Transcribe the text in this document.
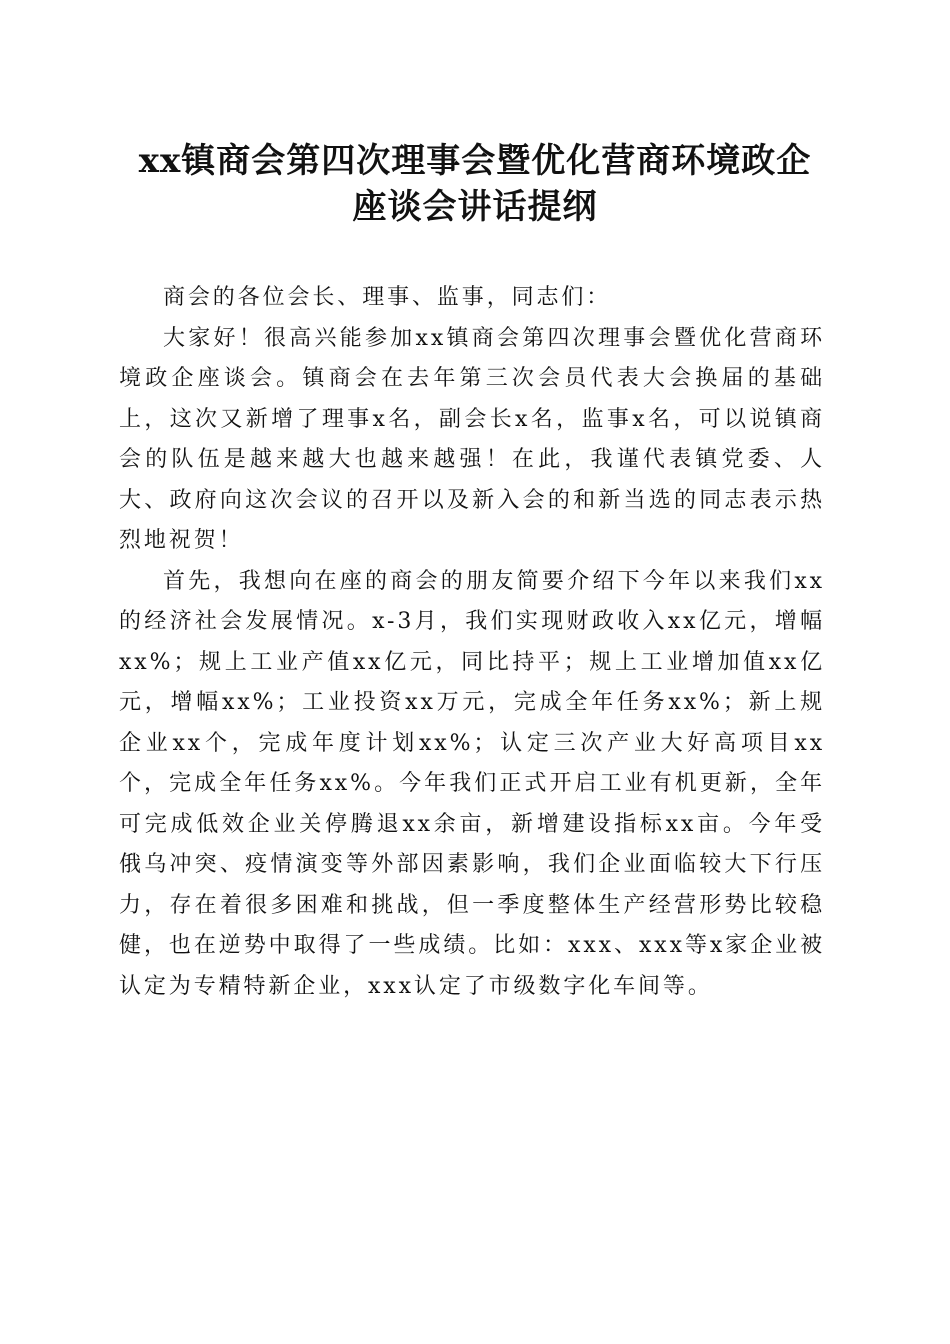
xx镇商会第四次理事会暨优化营商环境政企
座谈会讲话提纲

商会的各位会长、理事、监事，同志们：

大家好！很高兴能参加xx镇商会第四次理事会暨优化营商环境政企座谈会。镇商会在去年第三次会员代表大会换届的基础上，这次又新增了理事x名，副会长x名，监事x名，可以说镇商会的队伍是越来越大也越来越强！在此，我谨代表镇党委、人大、政府向这次会议的召开以及新入会的和新当选的同志表示热烈地祝贺！

首先，我想向在座的商会的朋友简要介绍下今年以来我们xx的经济社会发展情况。x-3月，我们实现财政收入xx亿元，增幅xx%；规上工业产值xx亿元，同比持平；规上工业增加值xx亿元，增幅xx%；工业投资xx万元，完成全年任务xx%；新上规企业xx个，完成年度计划xx%；认定三次产业大好高项目xx个，完成全年任务xx%。今年我们正式开启工业有机更新，全年可完成低效企业关停腾退xx余亩，新增建设指标xx亩。今年受俄乌冲突、疫情演变等外部因素影响，我们企业面临较大下行压力，存在着很多困难和挑战，但一季度整体生产经营形势比较稳健，也在逆势中取得了一些成绩。比如：xxx、xxx等x家企业被认定为专精特新企业，xxx认定了市级数字化车间等。
